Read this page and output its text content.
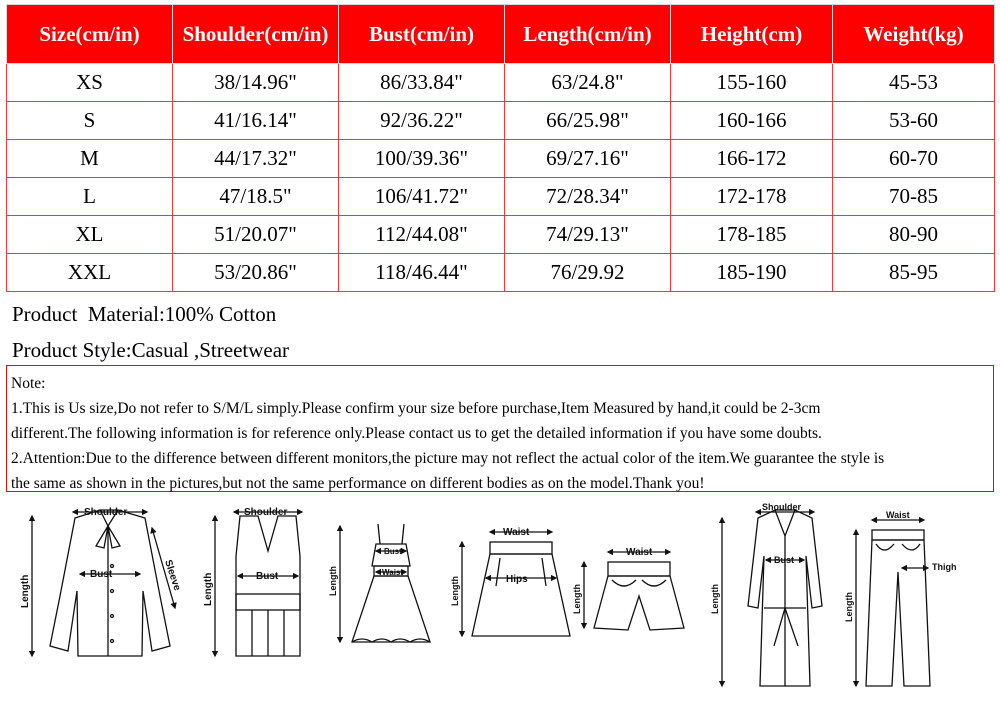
Size(cm/in)	Shoulder(cm/in)	Bust(cm/in)	Length(cm/in)	Height(cm)	Weight(kg)
XS	38/14.96"	86/33.84"	63/24.8"	155-160	45-53
S	41/16.14"	92/36.22"	66/25.98"	160-166	53-60
M	44/17.32"	100/39.36"	69/27.16"	166-172	60-70
L	47/18.5"	106/41.72"	72/28.34"	172-178	70-85
XL	51/20.07"	112/44.08"	74/29.13"	178-185	80-90
XXL	53/20.86"	118/46.44"	76/29.92	185-190	85-95
Product  Material:100% Cotton
Product Style:Casual ,Streetwear

Note:

1.This is Us size,Do not refer to S/M/L simply.Please confirm your size before purchase,Item Measured by hand,it could be 2-3cm

different.The following information is for reference only.Please contact us to get the detailed information if you have some doubts.

2.Attention:Due to the difference between different monitors,the picture may not reflect the actual color of the item.We guarantee the style is

the same as shown in the pictures,but not the same performance on different bodies as on the model.Thank you!

Shoulder
Bust
Length	Sleeve
Shoulder
Bust
Length
Bust
Waist
Length
Waist
Hips
Length
Waist
Length
Shoulder
Bust
Length
Waist
Thigh
Length
